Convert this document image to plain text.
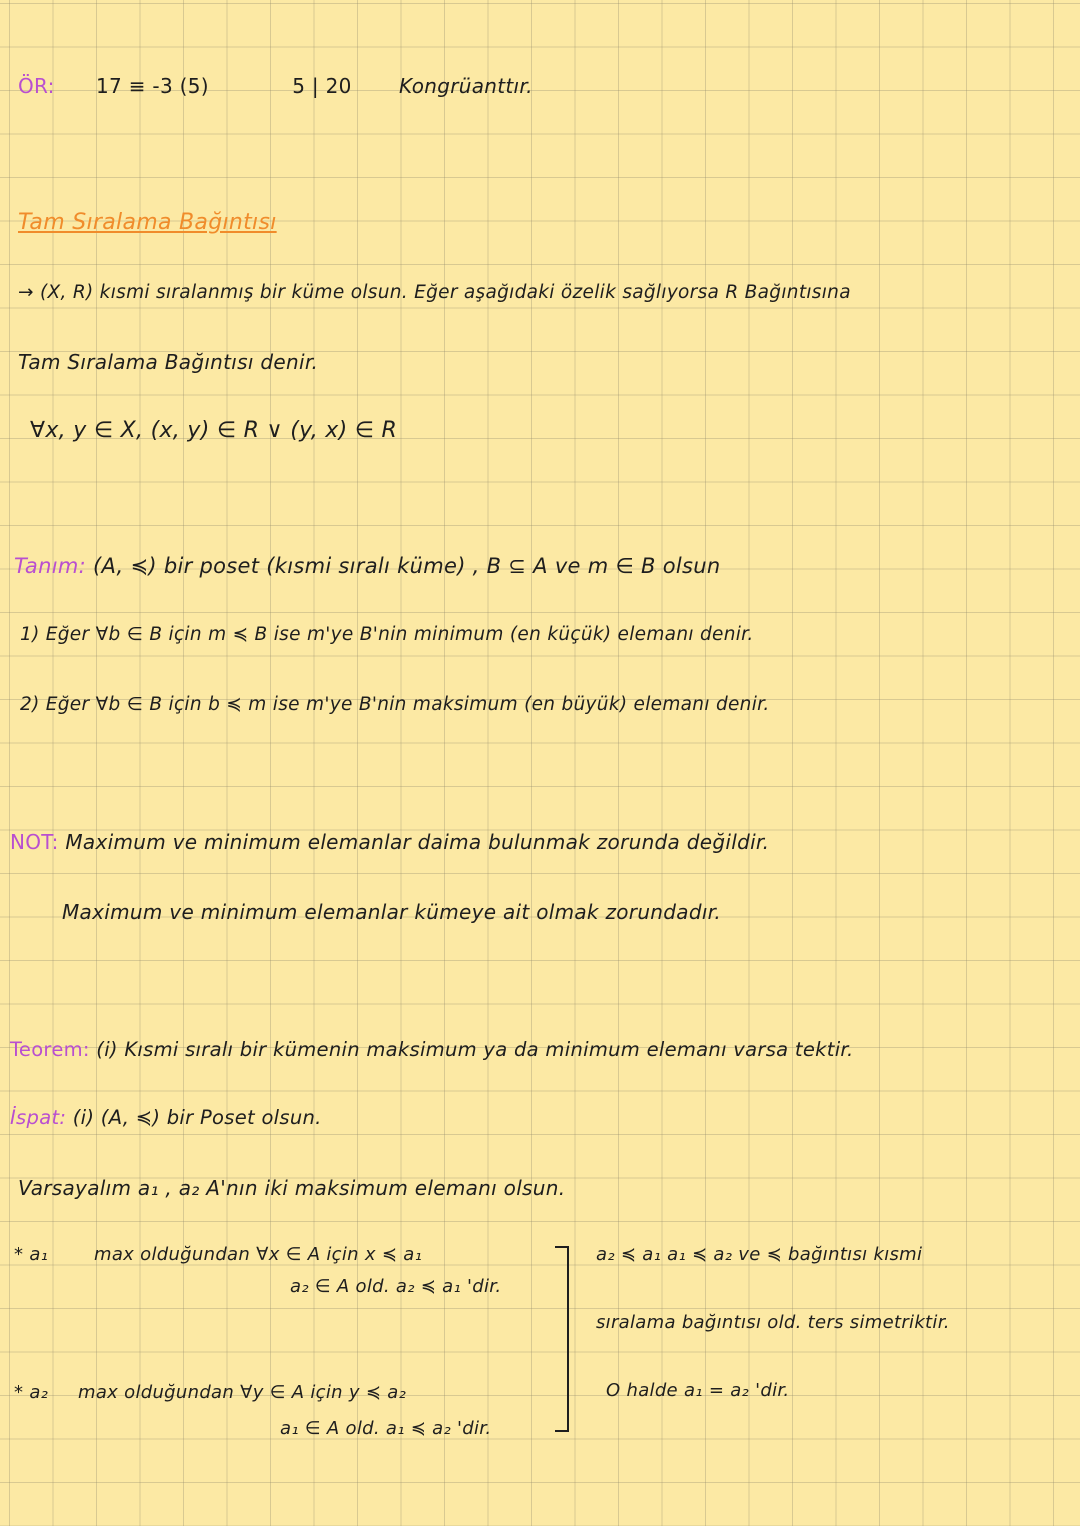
ÖR: 17 ≡ -3 (5)	5 | 20 Kongrüanttır.
Tam Sıralama Bağıntısı
→ (X, R) kısmi sıralanmış bir küme olsun. Eğer aşağıdaki özelik sağlıyorsa R Bağıntısına
Tam Sıralama Bağıntısı denir.
∀x, y ∈ X, (x, y) ∈ R ∨ (y, x) ∈ R
Tanım: (A, ≼) bir poset (kısmi sıralı küme) , B ⊆ A ve m ∈ B olsun
1) Eğer ∀b ∈ B için m ≼ B ise m'ye B'nin minimum (en küçük) elemanı denir.
2) Eğer ∀b ∈ B için b ≼ m ise m'ye B'nin maksimum (en büyük) elemanı denir.
NOT: Maximum ve minimum elemanlar daima bulunmak zorunda değildir.
Maximum ve minimum elemanlar kümeye ait olmak zorundadır.
Teorem: (i) Kısmi sıralı bir kümenin maksimum ya da minimum elemanı varsa tektir.
İspat: (i) (A, ≼) bir Poset olsun.
Varsayalım a₁ , a₂ A'nın iki maksimum elemanı olsun.
* a₁	max olduğundan ∀x ∈ A için x ≼ a₁
a₂ ∈ A old. a₂ ≼ a₁ 'dir.
* a₂ max olduğundan ∀y ∈ A için y ≼ a₂
a₁ ∈ A old. a₁ ≼ a₂ 'dir.
a₂ ≼ a₁ a₁ ≼ a₂ ve ≼ bağıntısı kısmi
sıralama bağıntısı old. ters simetriktir.
O halde a₁ = a₂ 'dir.
